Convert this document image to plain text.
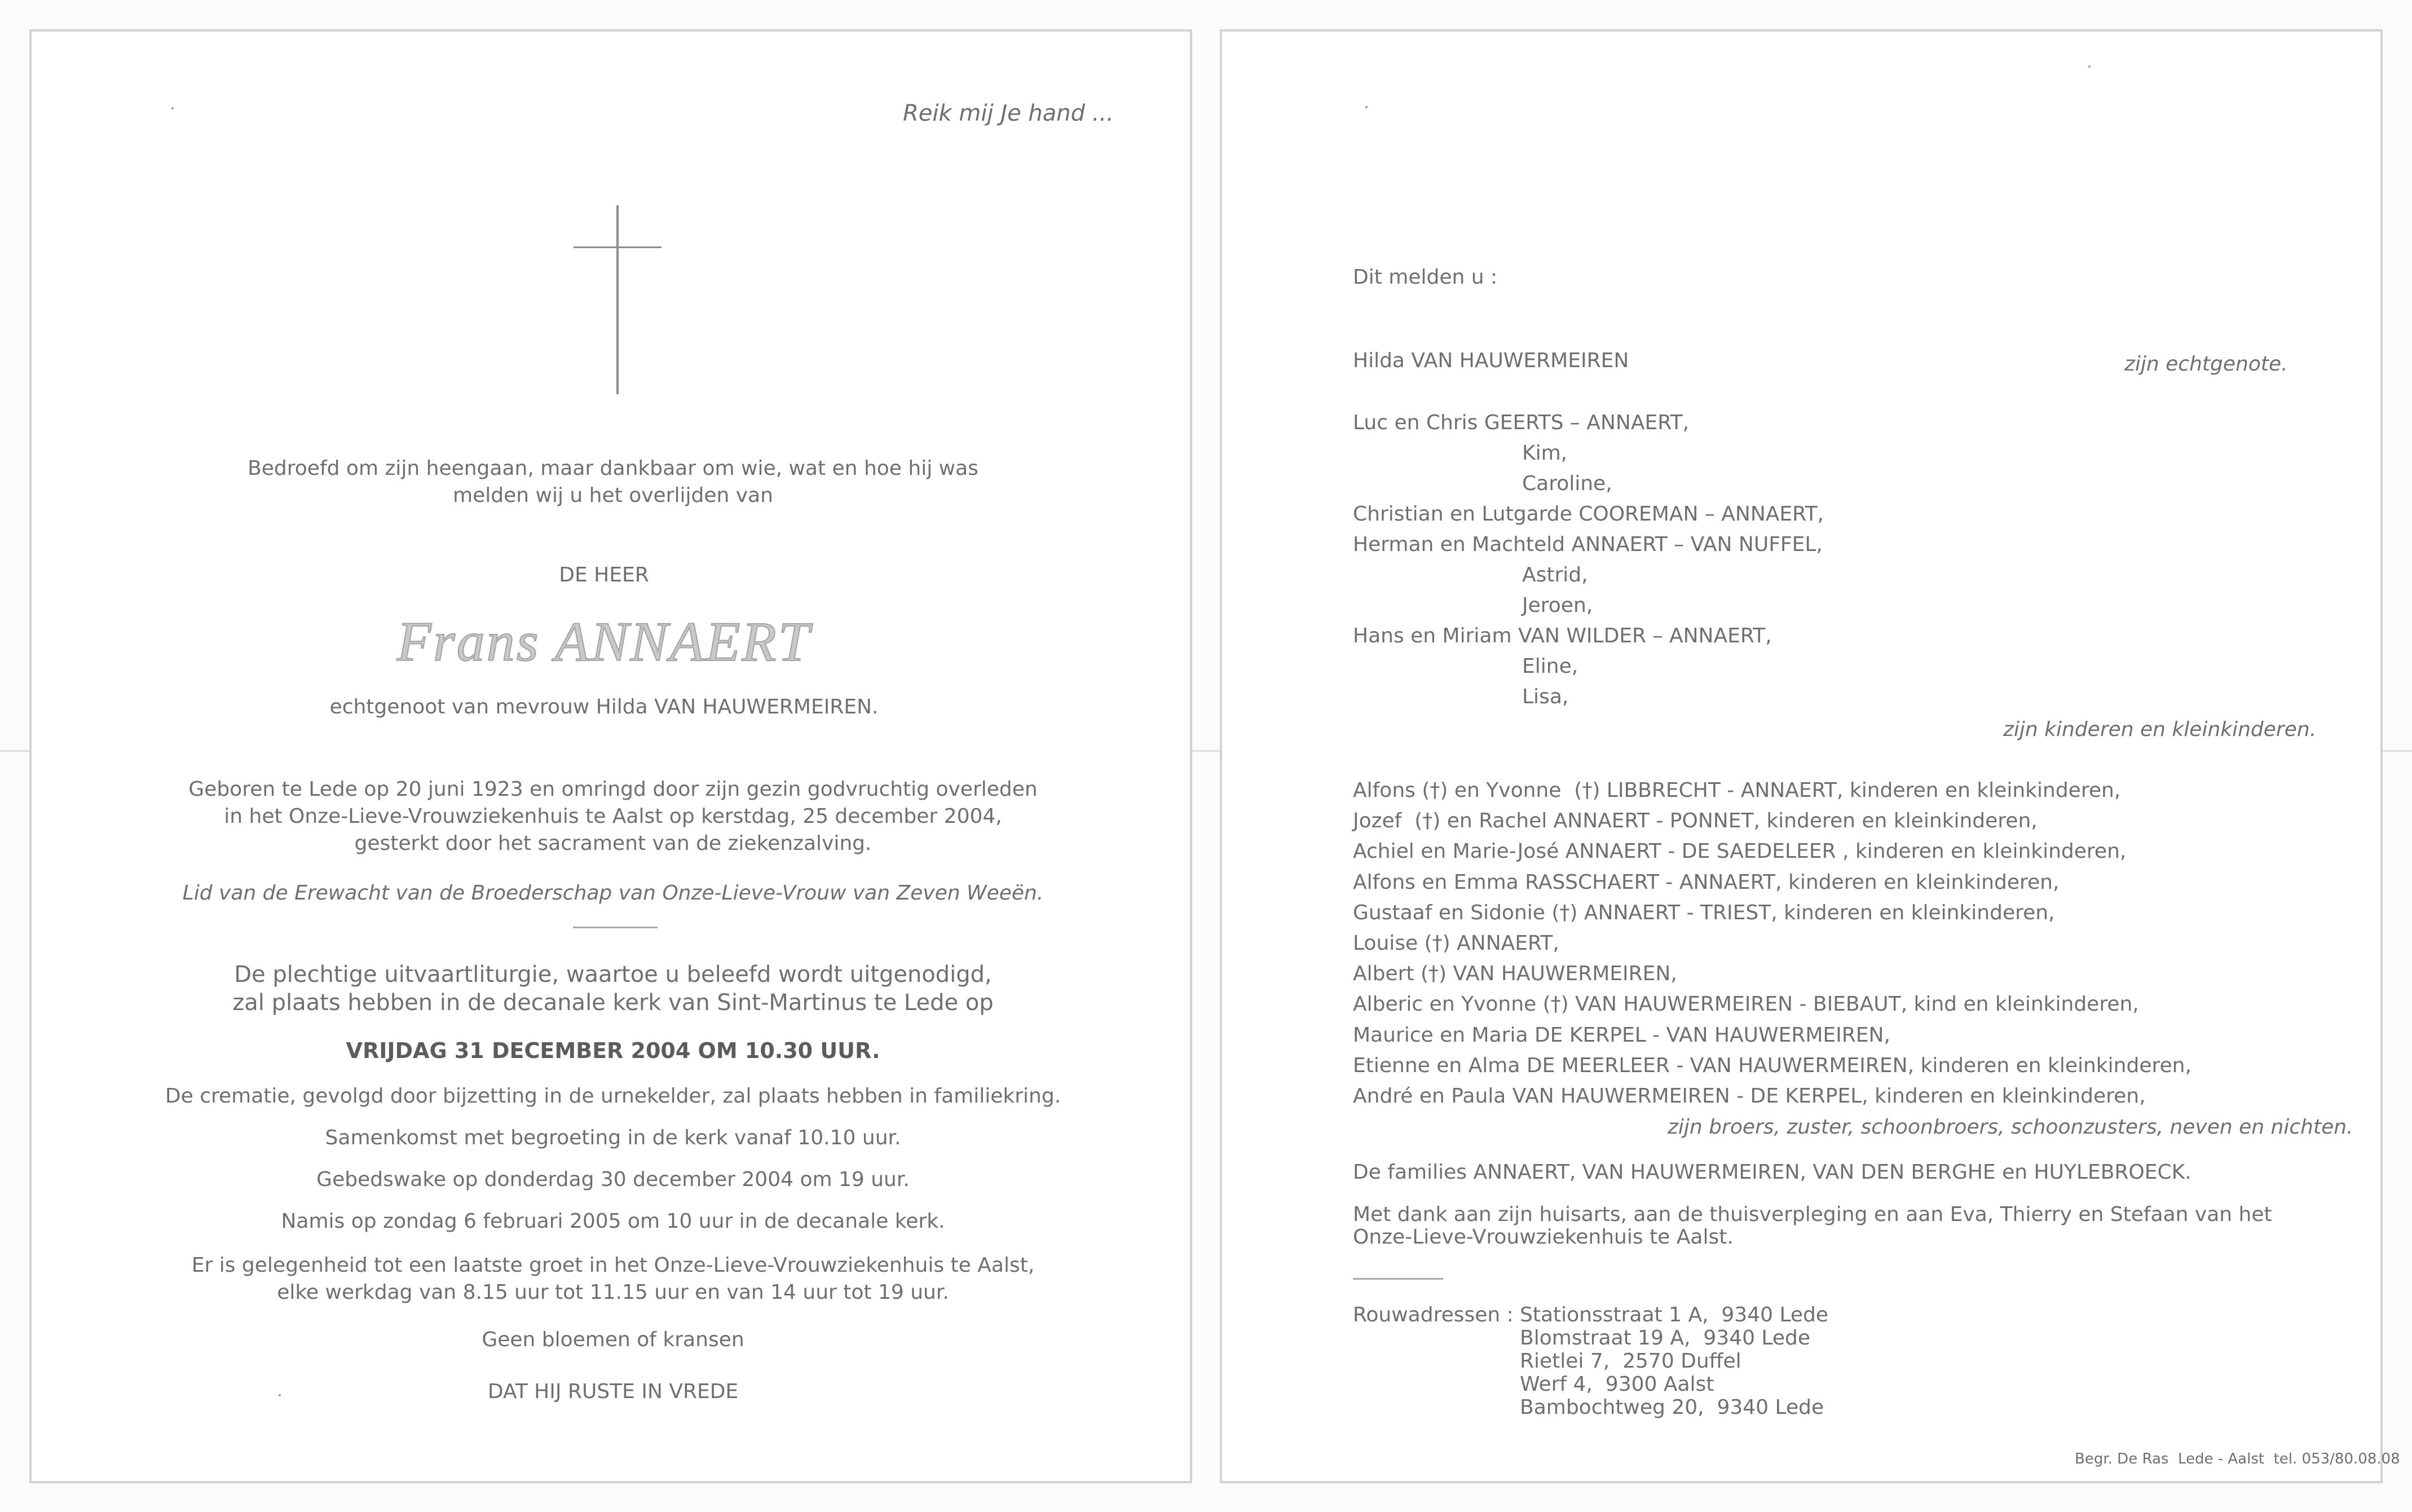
Reik mij Je hand ...
Bedroefd om zijn heengaan, maar dankbaar om wie, wat en hoe hij was
melden wij u het overlijden van
DE HEER
Frans ANNAERT
echtgenoot van mevrouw Hilda VAN HAUWERMEIREN.
Geboren te Lede op 20 juni 1923 en omringd door zijn gezin godvruchtig overleden
in het Onze-Lieve-Vrouwziekenhuis te Aalst op kerstdag, 25 december 2004,
gesterkt door het sacrament van de ziekenzalving.
Lid van de Erewacht van de Broederschap van Onze-Lieve-Vrouw van Zeven Weeën.
De plechtige uitvaartliturgie, waartoe u beleefd wordt uitgenodigd,
zal plaats hebben in de decanale kerk van Sint-Martinus te Lede op
VRIJDAG 31 DECEMBER 2004 OM 10.30 UUR.
De crematie, gevolgd door bijzetting in de urnekelder, zal plaats hebben in familiekring.
Samenkomst met begroeting in de kerk vanaf 10.10 uur.
Gebedswake op donderdag 30 december 2004 om 19 uur.
Namis op zondag 6 februari 2005 om 10 uur in de decanale kerk.
Er is gelegenheid tot een laatste groet in het Onze-Lieve-Vrouwziekenhuis te Aalst,
elke werkdag van 8.15 uur tot 11.15 uur en van 14 uur tot 19 uur.
Geen bloemen of kransen
DAT HIJ RUSTE IN VREDE
Dit melden u :
Hilda VAN HAUWERMEIREN	zijn echtgenote.
Luc en Chris GEERTS – ANNAERT,
Kim,
Caroline,
Christian en Lutgarde COOREMAN – ANNAERT,
Herman en Machteld ANNAERT – VAN NUFFEL,
Astrid,
Jeroen,
Hans en Miriam VAN WILDER – ANNAERT,
Eline,
Lisa,
zijn kinderen en kleinkinderen.
Alfons (†) en Yvonne  (†) LIBBRECHT - ANNAERT, kinderen en kleinkinderen,
Jozef  (†) en Rachel ANNAERT - PONNET, kinderen en kleinkinderen,
Achiel en Marie-José ANNAERT - DE SAEDELEER , kinderen en kleinkinderen,
Alfons en Emma RASSCHAERT - ANNAERT, kinderen en kleinkinderen,
Gustaaf en Sidonie (†) ANNAERT - TRIEST, kinderen en kleinkinderen,
Louise (†) ANNAERT,
Albert (†) VAN HAUWERMEIREN,
Alberic en Yvonne (†) VAN HAUWERMEIREN - BIEBAUT, kind en kleinkinderen,
Maurice en Maria DE KERPEL - VAN HAUWERMEIREN,
Etienne en Alma DE MEERLEER - VAN HAUWERMEIREN, kinderen en kleinkinderen,
André en Paula VAN HAUWERMEIREN - DE KERPEL, kinderen en kleinkinderen,
zijn broers, zuster, schoonbroers, schoonzusters, neven en nichten.
De families ANNAERT, VAN HAUWERMEIREN, VAN DEN BERGHE en HUYLEBROECK.
Met dank aan zijn huisarts, aan de thuisverpleging en aan Eva, Thierry en Stefaan van het
Onze-Lieve-Vrouwziekenhuis te Aalst.
Rouwadressen : Stationsstraat 1 A,  9340 Lede
Blomstraat 19 A,  9340 Lede
Rietlei 7,  2570 Duffel
Werf 4,  9300 Aalst
Bambochtweg 20,  9340 Lede
Begr. De Ras  Lede - Aalst  tel. 053/80.08.08
